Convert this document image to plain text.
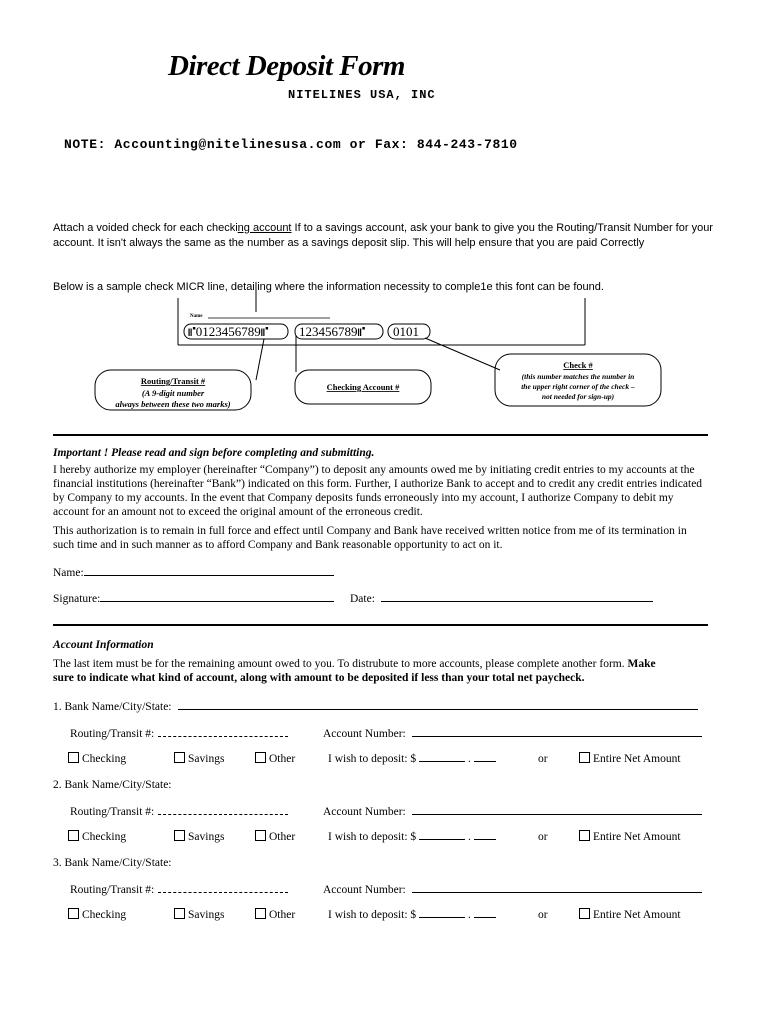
Direct Deposit Form
NITELINES USA, INC
NOTE: Accounting@nitelinesusa.com or Fax: 844-243-7810
Attach a voided check for each checking account If to a savings account, ask your bank to give you the Routing/Transit Number for your account. It isn't always the same as the number as a savings deposit slip. This will help ensure that you are paid Correctly
Below is a sample check MICR line, detailing where the information necessity to comple1e this font can be found.
Name
⑈0123456789⑈ 123456789⑈ 0101
Routing/Transit #
(A 9-digit number
always between these two marks)
Checking Account #
Check #
(this number matches the number in
the upper right corner of the check –
not needed for sign-up)
Important ! Please read and sign before completing and submitting.
I hereby authorize my employer (hereinafter “Company”) to deposit any amounts owed me by initiating credit entries to my accounts at the financial institutions (hereinafter “Bank”) indicated on this form. Further, I authorize Bank to accept and to credit any credit entries indicated by Company to my accounts. In the event that Company deposits funds erroneously into my account, I authorize Company to debit my account for an amount not to exceed the original amount of the erroneous credit.
This authorization is to remain in full force and effect until Company and Bank have received written notice from me of its termination in such time and in such manner as to afford Company and Bank reasonable opportunity to act on it.
Name:
Signature:	Date:
Account Information
The last item must be for the remaining amount owed to you. To distrubute to more accounts, please complete another form. Make
sure to indicate what kind of account, along with amount to be deposited if less than your total net paycheck.
1. Bank Name/City/State:
Routing/Transit #:	Account Number:
Checking	Savings	Other	I wish to deposit: $	.	or	Entire Net Amount
2. Bank Name/City/State:
Routing/Transit #:	Account Number:
Checking	Savings	Other	I wish to deposit: $	.	or	Entire Net Amount
3. Bank Name/City/State:
Routing/Transit #:	Account Number:
Checking	Savings	Other	I wish to deposit: $	.	or	Entire Net Amount
